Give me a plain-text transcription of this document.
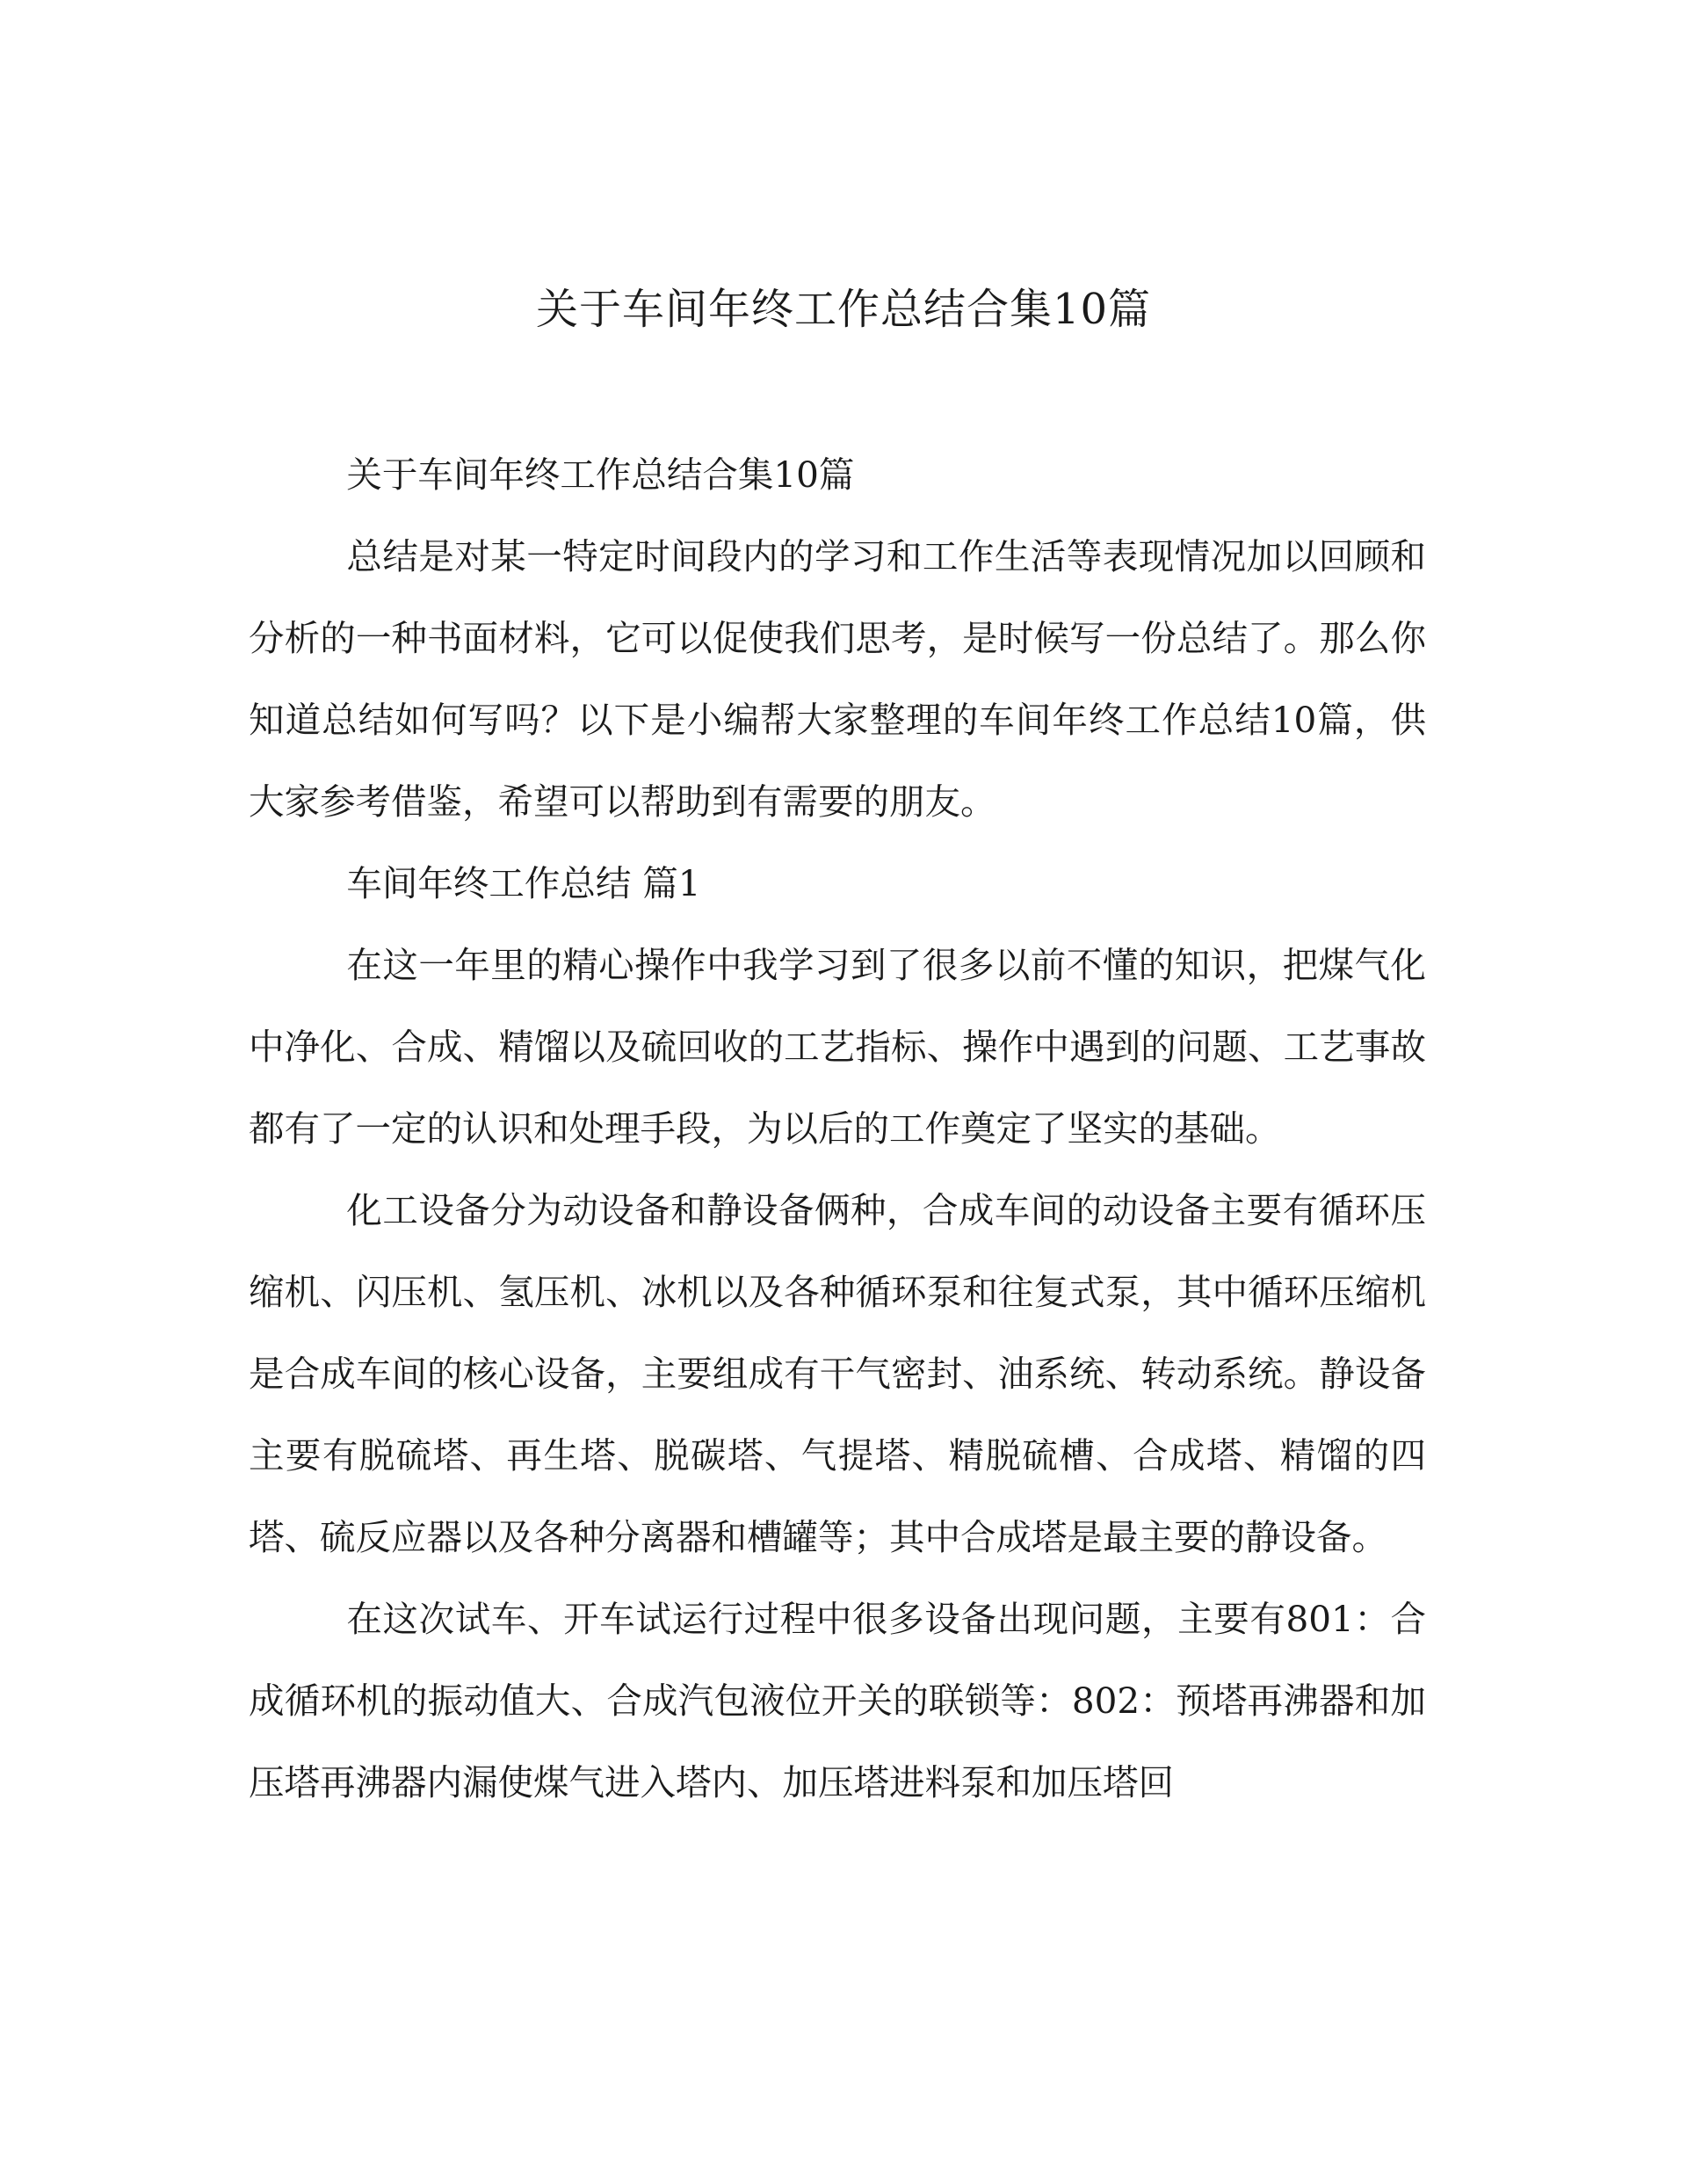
关于车间年终工作总结合集10篇

关于车间年终工作总结合集10篇

总结是对某一特定时间段内的学习和工作生活等表现情况加以回顾和分析的一种书面材料，它可以促使我们思考，是时候写一份总结了。那么你知道总结如何写吗？以下是小编帮大家整理的车间年终工作总结10篇，供大家参考借鉴，希望可以帮助到有需要的朋友。

车间年终工作总结 篇1

在这一年里的精心操作中我学习到了很多以前不懂的知识，把煤气化中净化、合成、精馏以及硫回收的工艺指标、操作中遇到的问题、工艺事故都有了一定的认识和处理手段，为以后的工作奠定了坚实的基础。

化工设备分为动设备和静设备俩种，合成车间的动设备主要有循环压缩机、闪压机、氢压机、冰机以及各种循环泵和往复式泵，其中循环压缩机是合成车间的核心设备，主要组成有干气密封、油系统、转动系统。静设备主要有脱硫塔、再生塔、脱碳塔、气提塔、精脱硫槽、合成塔、精馏的四塔、硫反应器以及各种分离器和槽罐等；其中合成塔是最主要的静设备。

在这次试车、开车试运行过程中很多设备出现问题，主要有801：合成循环机的振动值大、合成汽包液位开关的联锁等：802：预塔再沸器和加压塔再沸器内漏使煤气进入塔内、加压塔进料泵和加压塔回
